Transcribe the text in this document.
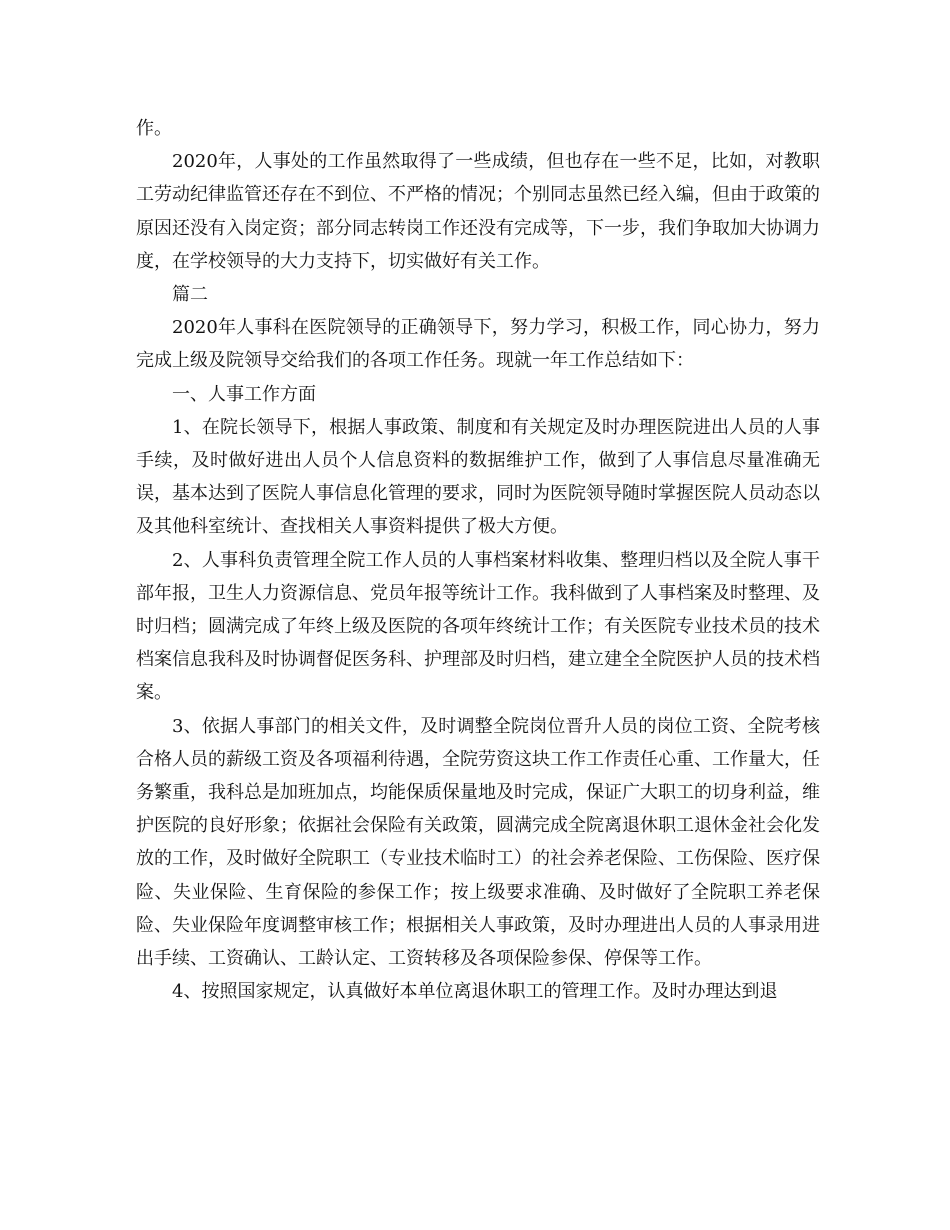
作。

2020年，人事处的工作虽然取得了一些成绩，但也存在一些不足，比如，对教职工劳动纪律监管还存在不到位、不严格的情况；个别同志虽然已经入编，但由于政策的原因还没有入岗定资；部分同志转岗工作还没有完成等，下一步，我们争取加大协调力度，在学校领导的大力支持下，切实做好有关工作。

篇二

2020年人事科在医院领导的正确领导下，努力学习，积极工作，同心协力，努力完成上级及院领导交给我们的各项工作任务。现就一年工作总结如下：

一、人事工作方面

1、在院长领导下，根据人事政策、制度和有关规定及时办理医院进出人员的人事手续，及时做好进出人员个人信息资料的数据维护工作，做到了人事信息尽量准确无误，基本达到了医院人事信息化管理的要求，同时为医院领导随时掌握医院人员动态以及其他科室统计、查找相关人事资料提供了极大方便。

2、人事科负责管理全院工作人员的人事档案材料收集、整理归档以及全院人事干部年报，卫生人力资源信息、党员年报等统计工作。我科做到了人事档案及时整理、及时归档；圆满完成了年终上级及医院的各项年终统计工作；有关医院专业技术员的技术档案信息我科及时协调督促医务科、护理部及时归档，建立建全全院医护人员的技术档案。

3、依据人事部门的相关文件，及时调整全院岗位晋升人员的岗位工资、全院考核合格人员的薪级工资及各项福利待遇，全院劳资这块工作工作责任心重、工作量大，任务繁重，我科总是加班加点，均能保质保量地及时完成，保证广大职工的切身利益，维护医院的良好形象；依据社会保险有关政策，圆满完成全院离退休职工退休金社会化发放的工作，及时做好全院职工（专业技术临时工）的社会养老保险、工伤保险、医疗保险、失业保险、生育保险的参保工作；按上级要求准确、及时做好了全院职工养老保险、失业保险年度调整审核工作；根据相关人事政策，及时办理进出人员的人事录用进出手续、工资确认、工龄认定、工资转移及各项保险参保、停保等工作。

4、按照国家规定，认真做好本单位离退休职工的管理工作。及时办理达到退
